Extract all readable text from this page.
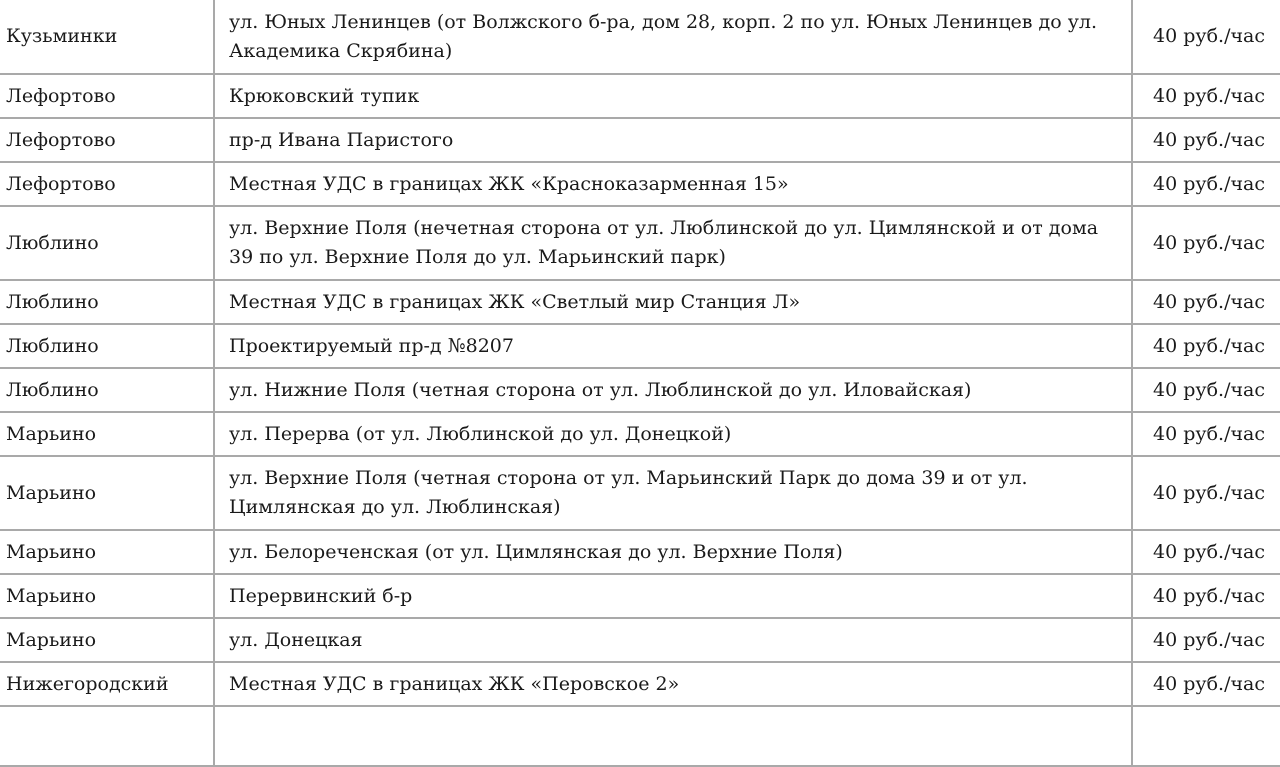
Кузьминки	ул. Юных Ленинцев (от Волжского б-ра, дом 28, корп. 2 по ул. Юных Ленинцев до ул. Академика Скрябина)	40 руб./час
Лефортово	Крюковский тупик	40 руб./час
Лефортово	пр-д Ивана Паристого	40 руб./час
Лефортово	Местная УДС в границах ЖК «Красноказарменная 15»	40 руб./час
Люблино	ул. Верхние Поля (нечетная сторона от ул. Люблинской до ул. Цимлянской и от дома 39 по ул. Верхние Поля до ул. Марьинский парк)	40 руб./час
Люблино	Местная УДС в границах ЖК «Светлый мир Станция Л»	40 руб./час
Люблино	Проектируемый пр-д №8207	40 руб./час
Люблино	ул. Нижние Поля (четная сторона от ул. Люблинской до ул. Иловайская)	40 руб./час
Марьино	ул. Перерва (от ул. Люблинской до ул. Донецкой)	40 руб./час
Марьино	ул. Верхние Поля (четная сторона от ул. Марьинский Парк до дома 39 и от ул. Цимлянская до ул. Люблинская)	40 руб./час
Марьино	ул. Белореченская (от ул. Цимлянская до ул. Верхние Поля)	40 руб./час
Марьино	Перервинский б-р	40 руб./час
Марьино	ул. Донецкая	40 руб./час
Нижегородский	Местная УДС в границах ЖК «Перовское 2»	40 руб./час
